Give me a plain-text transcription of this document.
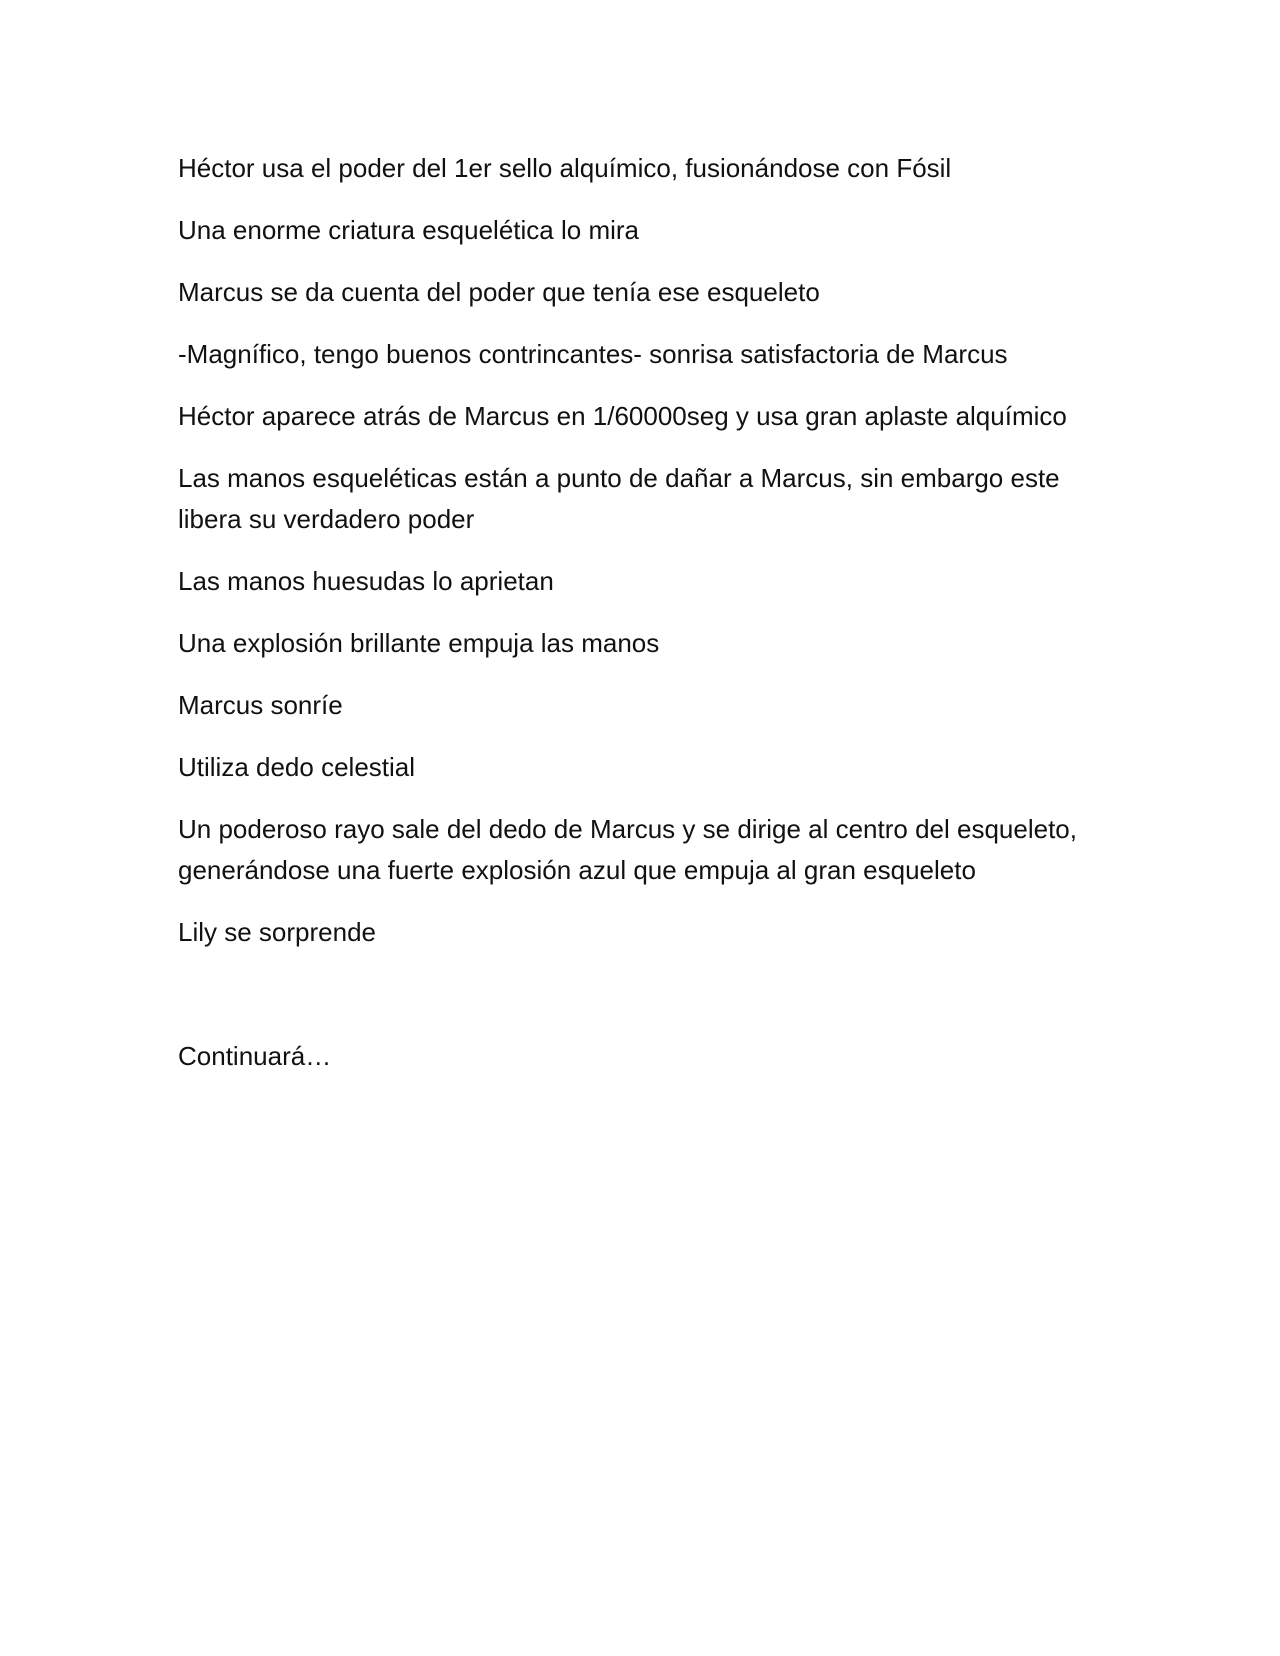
Héctor usa el poder del 1er sello alquímico, fusionándose con Fósil

Una enorme criatura esquelética lo mira

Marcus se da cuenta del poder que tenía ese esqueleto

-Magnífico, tengo buenos contrincantes- sonrisa satisfactoria de Marcus

Héctor aparece atrás de Marcus en 1/60000seg y usa gran aplaste alquímico

Las manos esqueléticas están a punto de dañar a Marcus, sin embargo este libera su verdadero poder

Las manos huesudas lo aprietan

Una explosión brillante empuja las manos

Marcus sonríe

Utiliza dedo celestial

Un poderoso rayo sale del dedo de Marcus y se dirige al centro del esqueleto, generándose una fuerte explosión azul que empuja al gran esqueleto

Lily se sorprende

Continuará…
